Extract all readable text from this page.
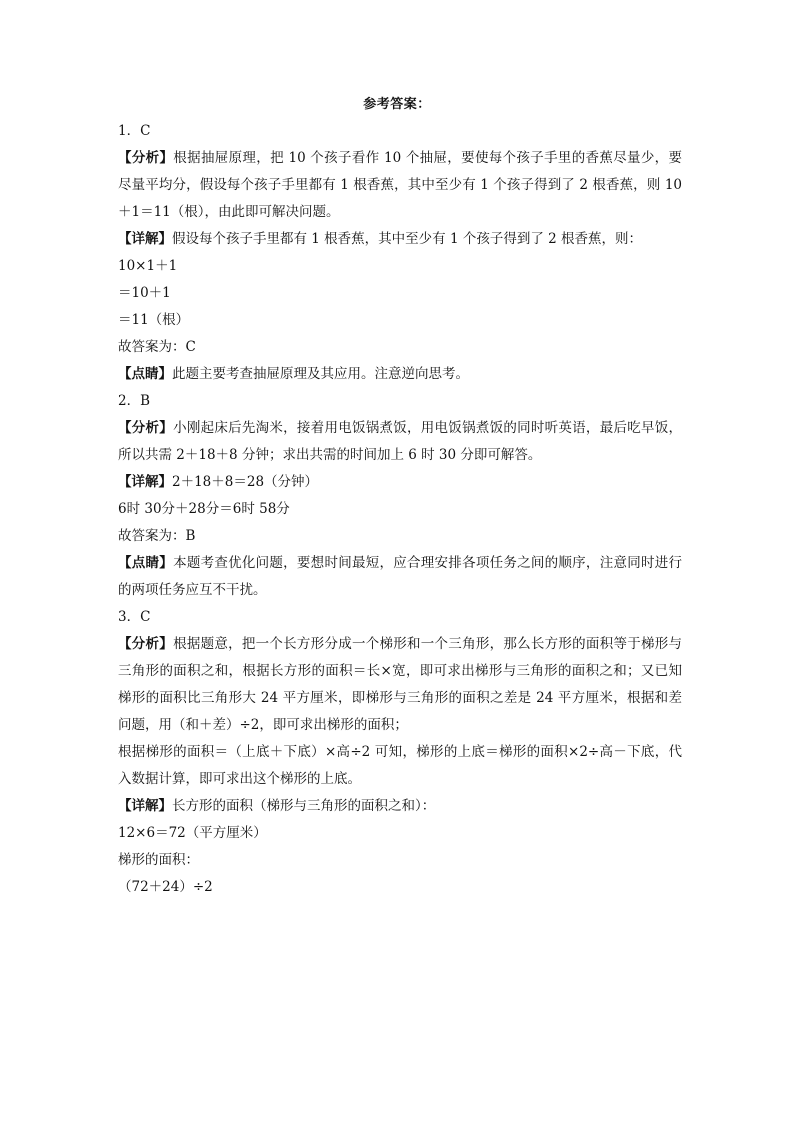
参考答案：
1．C
【分析】根据抽屉原理，把 10 个孩子看作 10 个抽屉，要使每个孩子手里的香蕉尽量少，要尽量平均分，假设每个孩子手里都有 1 根香蕉，其中至少有 1 个孩子得到了 2 根香蕉，则 10＋1＝11（根），由此即可解决问题。
【详解】假设每个孩子手里都有 1 根香蕉，其中至少有 1 个孩子得到了 2 根香蕉，则：
10×1＋1
＝10＋1
＝11（根）
故答案为：C
【点睛】此题主要考查抽屉原理及其应用。注意逆向思考。
2．B
【分析】小刚起床后先淘米，接着用电饭锅煮饭，用电饭锅煮饭的同时听英语，最后吃早饭，所以共需 2＋18＋8 分钟；求出共需的时间加上 6 时 30 分即可解答。
【详解】2＋18＋8＝28（分钟）
6时 30分＋28分＝6时 58分
故答案为：B
【点睛】本题考查优化问题，要想时间最短，应合理安排各项任务之间的顺序，注意同时进行的两项任务应互不干扰。
3．C
【分析】根据题意，把一个长方形分成一个梯形和一个三角形，那么长方形的面积等于梯形与三角形的面积之和，根据长方形的面积＝长×宽，即可求出梯形与三角形的面积之和；又已知梯形的面积比三角形大 24 平方厘米，即梯形与三角形的面积之差是 24 平方厘米，根据和差问题，用（和＋差）÷2，即可求出梯形的面积；
根据梯形的面积＝（上底＋下底）×高÷2 可知，梯形的上底＝梯形的面积×2÷高－下底，代入数据计算，即可求出这个梯形的上底。
【详解】长方形的面积（梯形与三角形的面积之和）：
12×6＝72（平方厘米）
梯形的面积：
（72＋24）÷2
